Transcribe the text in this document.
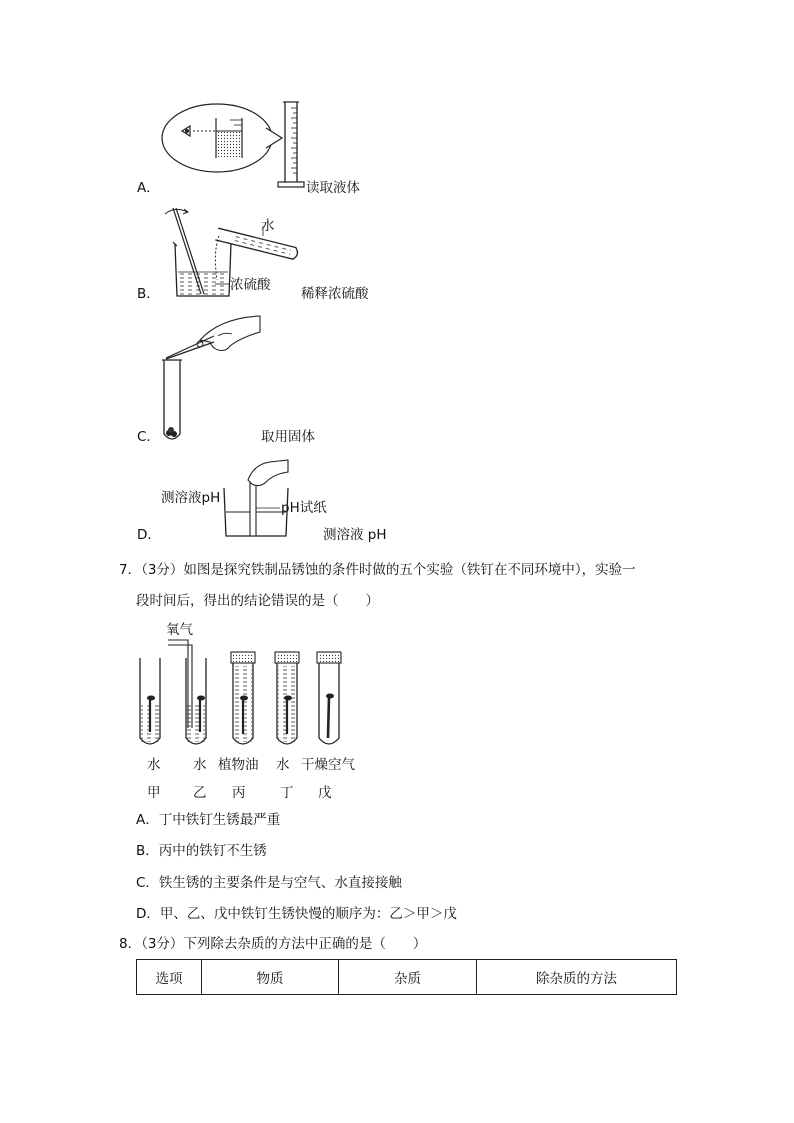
A．	读取液体
B．
水
浓硫酸
稀释浓硫酸
C．	取用固体
D．
测溶液pH
pH试纸
测溶液 pH
7．（3分）如图是探究铁制品锈蚀的条件时做的五个实验（铁钉在不同环境中），实验一
段时间后，得出的结论错误的是（　　）
氧气
水 水 植物油 水 干燥空气
甲 乙 丙	丁 戊
A．丁中铁钉生锈最严重
B．丙中的铁钉不生锈
C．铁生锈的主要条件是与空气、水直接接触
D．甲、乙、戊中铁钉生锈快慢的顺序为：乙＞甲＞戊
8．（3分）下列除去杂质的方法中正确的是（　　）
选项	物质	杂质	除杂质的方法
